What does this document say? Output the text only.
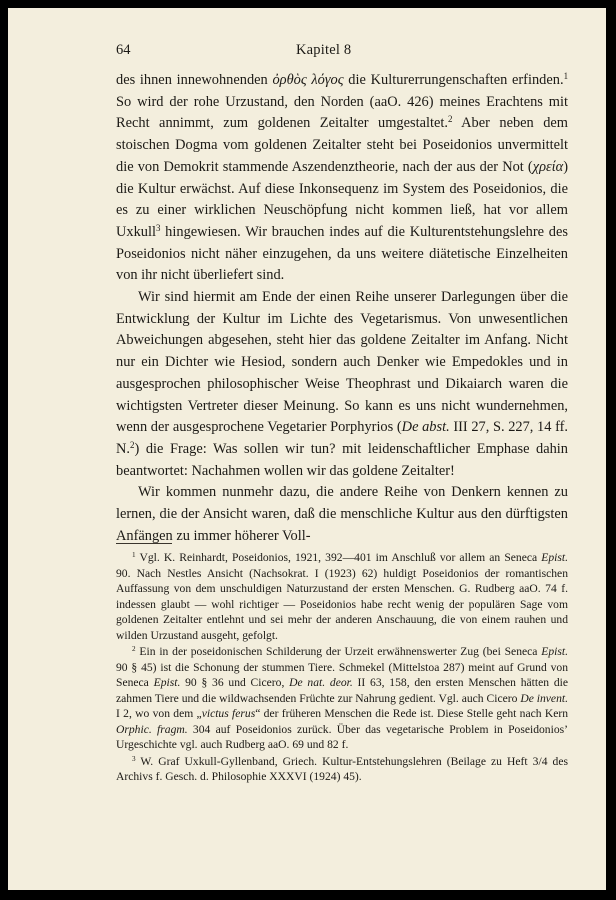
64	Kapitel 8

des ihnen innewohnenden ὀρθὸς λόγος die Kulturerrungenschaften erfinden.$^1$ So wird der rohe Urzustand, den Norden (aaO. 426) meines Erachtens mit Recht annimmt, zum goldenen Zeitalter umgestaltet.$^2$ Aber neben dem stoischen Dogma vom goldenen Zeitalter steht bei Poseidonios unvermittelt die von Demokrit stammende Aszendenztheorie, nach der aus der Not (χρεία) die Kultur erwächst. Auf diese Inkonsequenz im System des Poseidonios, die es zu einer wirklichen Neuschöpfung nicht kommen ließ, hat vor allem Uxkull$^3$ hingewiesen. Wir brauchen indes auf die Kulturentstehungslehre des Poseidonios nicht näher einzugehen, da uns weitere diätetische Einzelheiten von ihr nicht überliefert sind.

Wir sind hiermit am Ende der einen Reihe unserer Darlegungen über die Entwicklung der Kultur im Lichte des Vegetarismus. Von unwesentlichen Abweichungen abgesehen, steht hier das goldene Zeitalter im Anfang. Nicht nur ein Dichter wie Hesiod, sondern auch Denker wie Empedokles und in ausgesprochen philosophischer Weise Theophrast und Dikaiarch waren die wichtigsten Vertreter dieser Meinung. So kann es uns nicht wundernehmen, wenn der ausgesprochene Vegetarier Porphyrios (De abst. III 27, S. 227, 14 ff. N.$^2$) die Frage: Was sollen wir tun? mit leidenschaftlicher Emphase dahin beantwortet: Nachahmen wollen wir das goldene Zeitalter!

Wir kommen nunmehr dazu, die andere Reihe von Denkern kennen zu lernen, die der Ansicht waren, daß die menschliche Kultur aus den dürftigsten Anfängen zu immer höherer Voll-

$^1$ Vgl. K. Reinhardt, Poseidonios, 1921, 392—401 im Anschluß vor allem an Seneca Epist. 90. Nach Nestles Ansicht (Nachsokrat. I (1923) 62) huldigt Poseidonios der romantischen Auffassung von dem unschuldigen Naturzustand der ersten Menschen. G. Rudberg aaO. 74 f. indessen glaubt — wohl richtiger — Poseidonios habe recht wenig der populären Sage vom goldenen Zeitalter entlehnt und sei mehr der anderen Anschauung, die von einem rauhen und wilden Urzustand ausgeht, gefolgt.

$^2$ Ein in der poseidonischen Schilderung der Urzeit erwähnenswerter Zug (bei Seneca Epist. 90 § 45) ist die Schonung der stummen Tiere. Schmekel (Mittelstoa 287) meint auf Grund von Seneca Epist. 90 § 36 und Cicero, De nat. deor. II 63, 158, den ersten Menschen hätten die zahmen Tiere und die wildwachsenden Früchte zur Nahrung gedient. Vgl. auch Cicero De invent. I 2, wo von dem „victus ferus“ der früheren Menschen die Rede ist. Diese Stelle geht nach Kern Orphic. fragm. 304 auf Poseidonios zurück. Über das vegetarische Problem in Poseidonios’ Urgeschichte vgl. auch Rudberg aaO. 69 und 82 f.

$^3$ W. Graf Uxkull-Gyllenband, Griech. Kultur-Entstehungslehren (Beilage zu Heft 3/4 des Archivs f. Gesch. d. Philosophie XXXVI (1924) 45).
